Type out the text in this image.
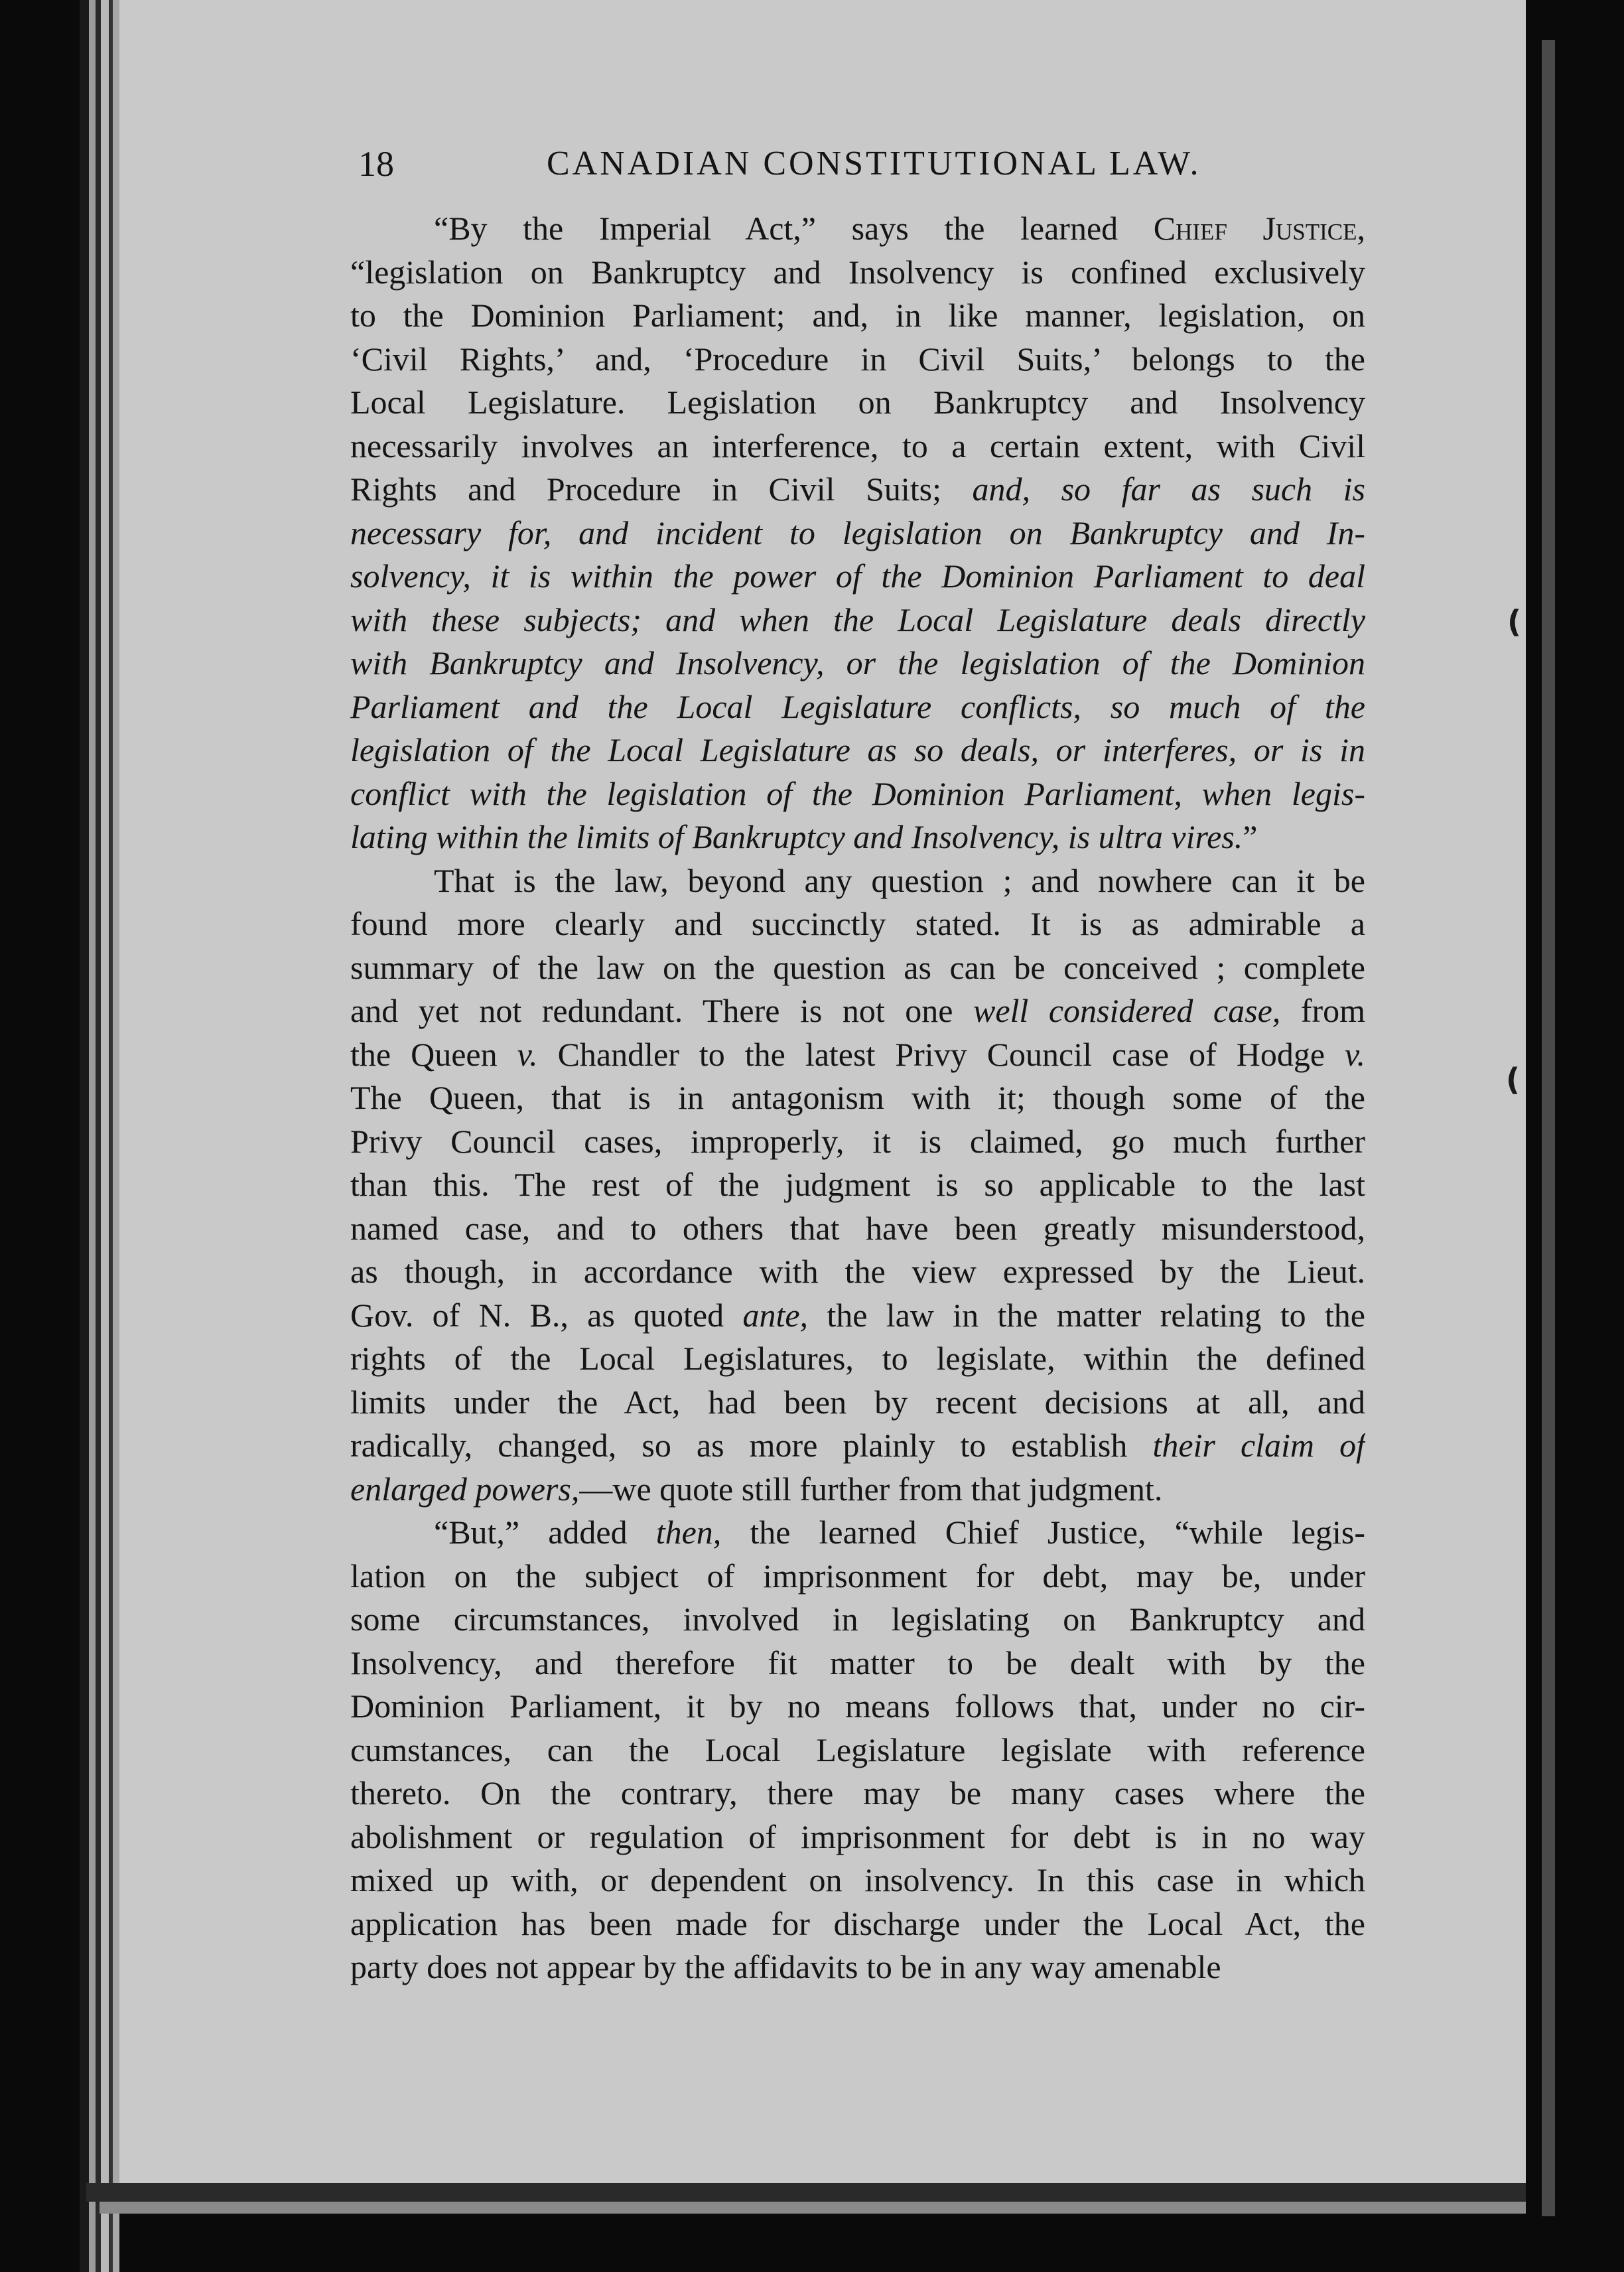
(
(
18	CANADIAN CONSTITUTIONAL LAW.
“By the Imperial Act,” says the learned Chief Justice,
“legislation on Bankruptcy and Insolvency is confined exclusively
to the Dominion Parliament; and, in like manner, legislation, on
‘Civil Rights,’ and, ‘Procedure in Civil Suits,’ belongs to the
Local Legislature. Legislation on Bankruptcy and Insolvency
necessarily involves an interference, to a certain extent, with Civil
Rights and Procedure in Civil Suits; and, so far as such is
necessary for, and incident to legislation on Bankruptcy and In-
solvency, it is within the power of the Dominion Parliament to deal
with these subjects; and when the Local Legislature deals directly
with Bankruptcy and Insolvency, or the legislation of the Dominion
Parliament and the Local Legislature conflicts, so much of the
legislation of the Local Legislature as so deals, or interferes, or is in
conflict with the legislation of the Dominion Parliament, when legis-
lating within the limits of Bankruptcy and Insolvency, is ultra vires.”
That is the law, beyond any question ; and nowhere can it be
found more clearly and succinctly stated. It is as admirable a
summary of the law on the question as can be conceived ; complete
and yet not redundant. There is not one well considered case, from
the Queen v. Chandler to the latest Privy Council case of Hodge v.
The Queen, that is in antagonism with it; though some of the
Privy Council cases, improperly, it is claimed, go much further
than this. The rest of the judgment is so applicable to the last
named case, and to others that have been greatly misunderstood,
as though, in accordance with the view expressed by the Lieut.
Gov. of N. B., as quoted ante, the law in the matter relating to the
rights of the Local Legislatures, to legislate, within the defined
limits under the Act, had been by recent decisions at all, and
radically, changed, so as more plainly to establish their claim of
enlarged powers,—we quote still further from that judgment.
“But,” added then, the learned Chief Justice, “while legis-
lation on the subject of imprisonment for debt, may be, under
some circumstances, involved in legislating on Bankruptcy and
Insolvency, and therefore fit matter to be dealt with by the
Dominion Parliament, it by no means follows that, under no cir-
cumstances, can the Local Legislature legislate with reference
thereto. On the contrary, there may be many cases where the
abolishment or regulation of imprisonment for debt is in no way
mixed up with, or dependent on insolvency. In this case in which
application has been made for discharge under the Local Act, the
party does not appear by the affidavits to be in any way amenable
